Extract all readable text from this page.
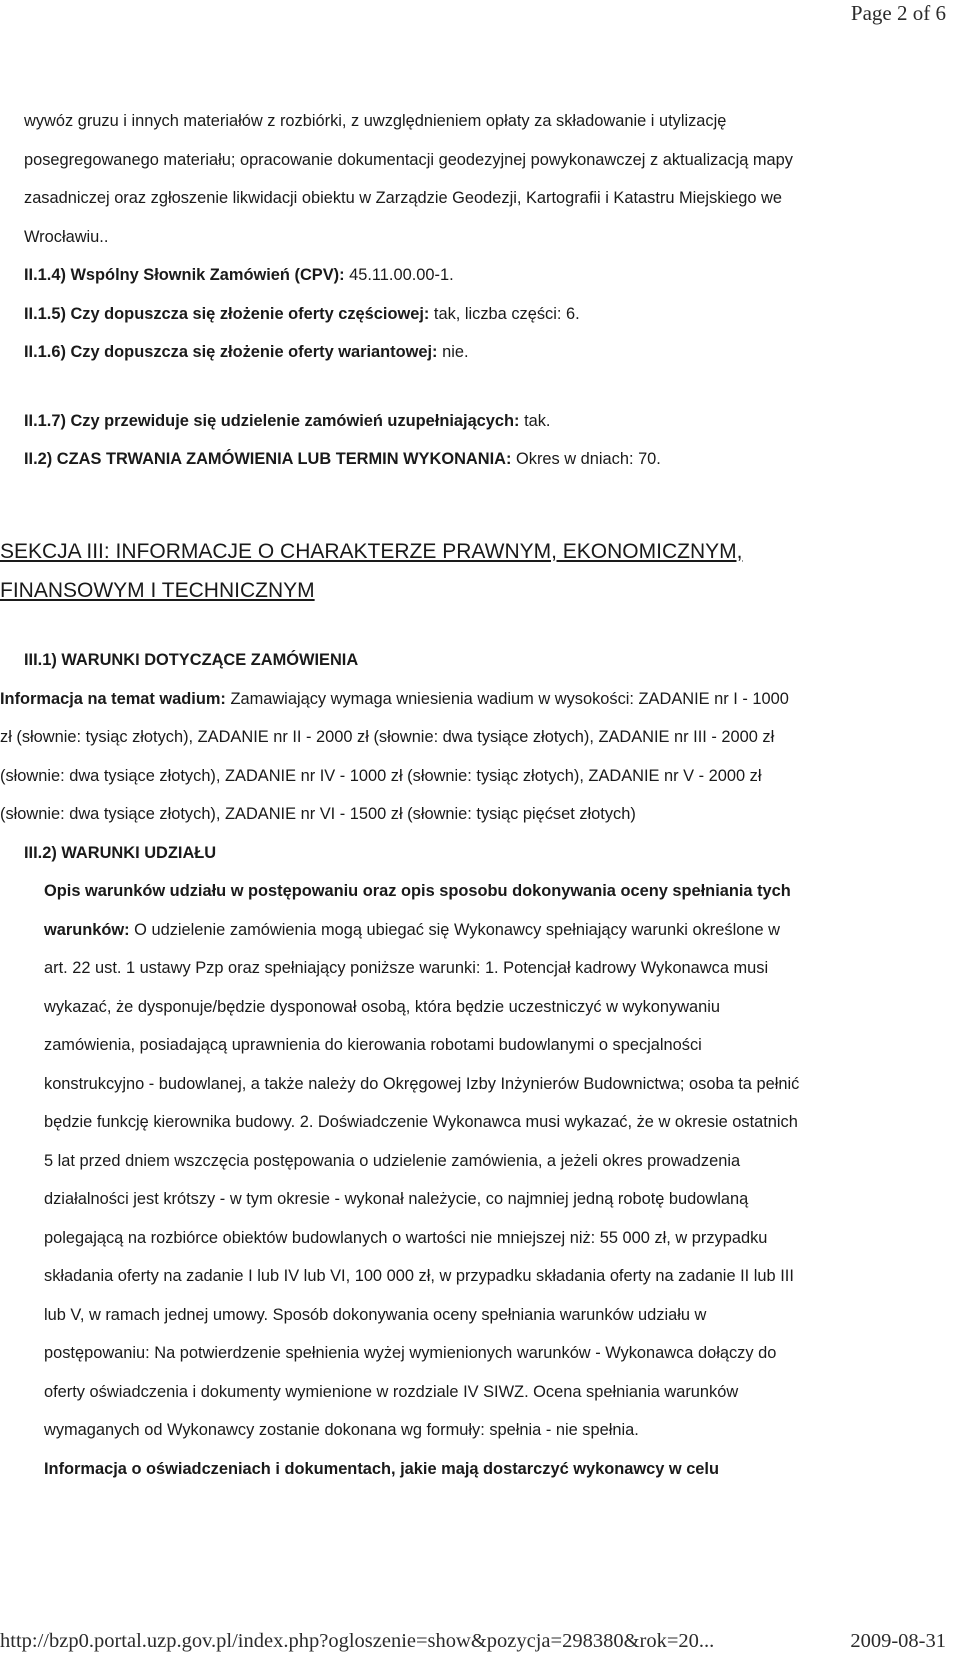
Page 2 of 6
wywóz gruzu i innych materiałów z rozbiórki, z uwzględnieniem opłaty za składowanie i utylizację
posegregowanego materiału; opracowanie dokumentacji geodezyjnej powykonawczej z aktualizacją mapy
zasadniczej oraz zgłoszenie likwidacji obiektu w Zarządzie Geodezji, Kartografii i Katastru Miejskiego we
Wrocławiu..
II.1.4) Wspólny Słownik Zamówień (CPV): 45.11.00.00-1.
II.1.5) Czy dopuszcza się złożenie oferty częściowej: tak, liczba części: 6.
II.1.6) Czy dopuszcza się złożenie oferty wariantowej: nie.
II.1.7) Czy przewiduje się udzielenie zamówień uzupełniających: tak.
II.2) CZAS TRWANIA ZAMÓWIENIA LUB TERMIN WYKONANIA: Okres w dniach: 70.
SEKCJA III: INFORMACJE O CHARAKTERZE PRAWNYM, EKONOMICZNYM,
FINANSOWYM I TECHNICZNYM
III.1) WARUNKI DOTYCZĄCE ZAMÓWIENIA
Informacja na temat wadium: Zamawiający wymaga wniesienia wadium w wysokości: ZADANIE nr I - 1000
zł (słownie: tysiąc złotych), ZADANIE nr II - 2000 zł (słownie: dwa tysiące złotych), ZADANIE nr III - 2000 zł
(słownie: dwa tysiące złotych), ZADANIE nr IV - 1000 zł (słownie: tysiąc złotych), ZADANIE nr V - 2000 zł
(słownie: dwa tysiące złotych), ZADANIE nr VI - 1500 zł (słownie: tysiąc pięćset złotych)
III.2) WARUNKI UDZIAŁU
Opis warunków udziału w postępowaniu oraz opis sposobu dokonywania oceny spełniania tych
warunków: O udzielenie zamówienia mogą ubiegać się Wykonawcy spełniający warunki określone w
art. 22 ust. 1 ustawy Pzp oraz spełniający poniższe warunki: 1. Potencjał kadrowy Wykonawca musi
wykazać, że dysponuje/będzie dysponował osobą, która będzie uczestniczyć w wykonywaniu
zamówienia, posiadającą uprawnienia do kierowania robotami budowlanymi o specjalności
konstrukcyjno - budowlanej, a także należy do Okręgowej Izby Inżynierów Budownictwa; osoba ta pełnić
będzie funkcję kierownika budowy. 2. Doświadczenie Wykonawca musi wykazać, że w okresie ostatnich
5 lat przed dniem wszczęcia postępowania o udzielenie zamówienia, a jeżeli okres prowadzenia
działalności jest krótszy - w tym okresie - wykonał należycie, co najmniej jedną robotę budowlaną
polegającą na rozbiórce obiektów budowlanych o wartości nie mniejszej niż: 55 000 zł, w przypadku
składania oferty na zadanie I lub IV lub VI, 100 000 zł, w przypadku składania oferty na zadanie II lub III
lub V, w ramach jednej umowy. Sposób dokonywania oceny spełniania warunków udziału w
postępowaniu: Na potwierdzenie spełnienia wyżej wymienionych warunków - Wykonawca dołączy do
oferty oświadczenia i dokumenty wymienione w rozdziale IV SIWZ. Ocena spełniania warunków
wymaganych od Wykonawcy zostanie dokonana wg formuły: spełnia - nie spełnia.
Informacja o oświadczeniach i dokumentach, jakie mają dostarczyć wykonawcy w celu
http://bzp0.portal.uzp.gov.pl/index.php?ogloszenie=show&pozycja=298380&rok=20...	2009-08-31
